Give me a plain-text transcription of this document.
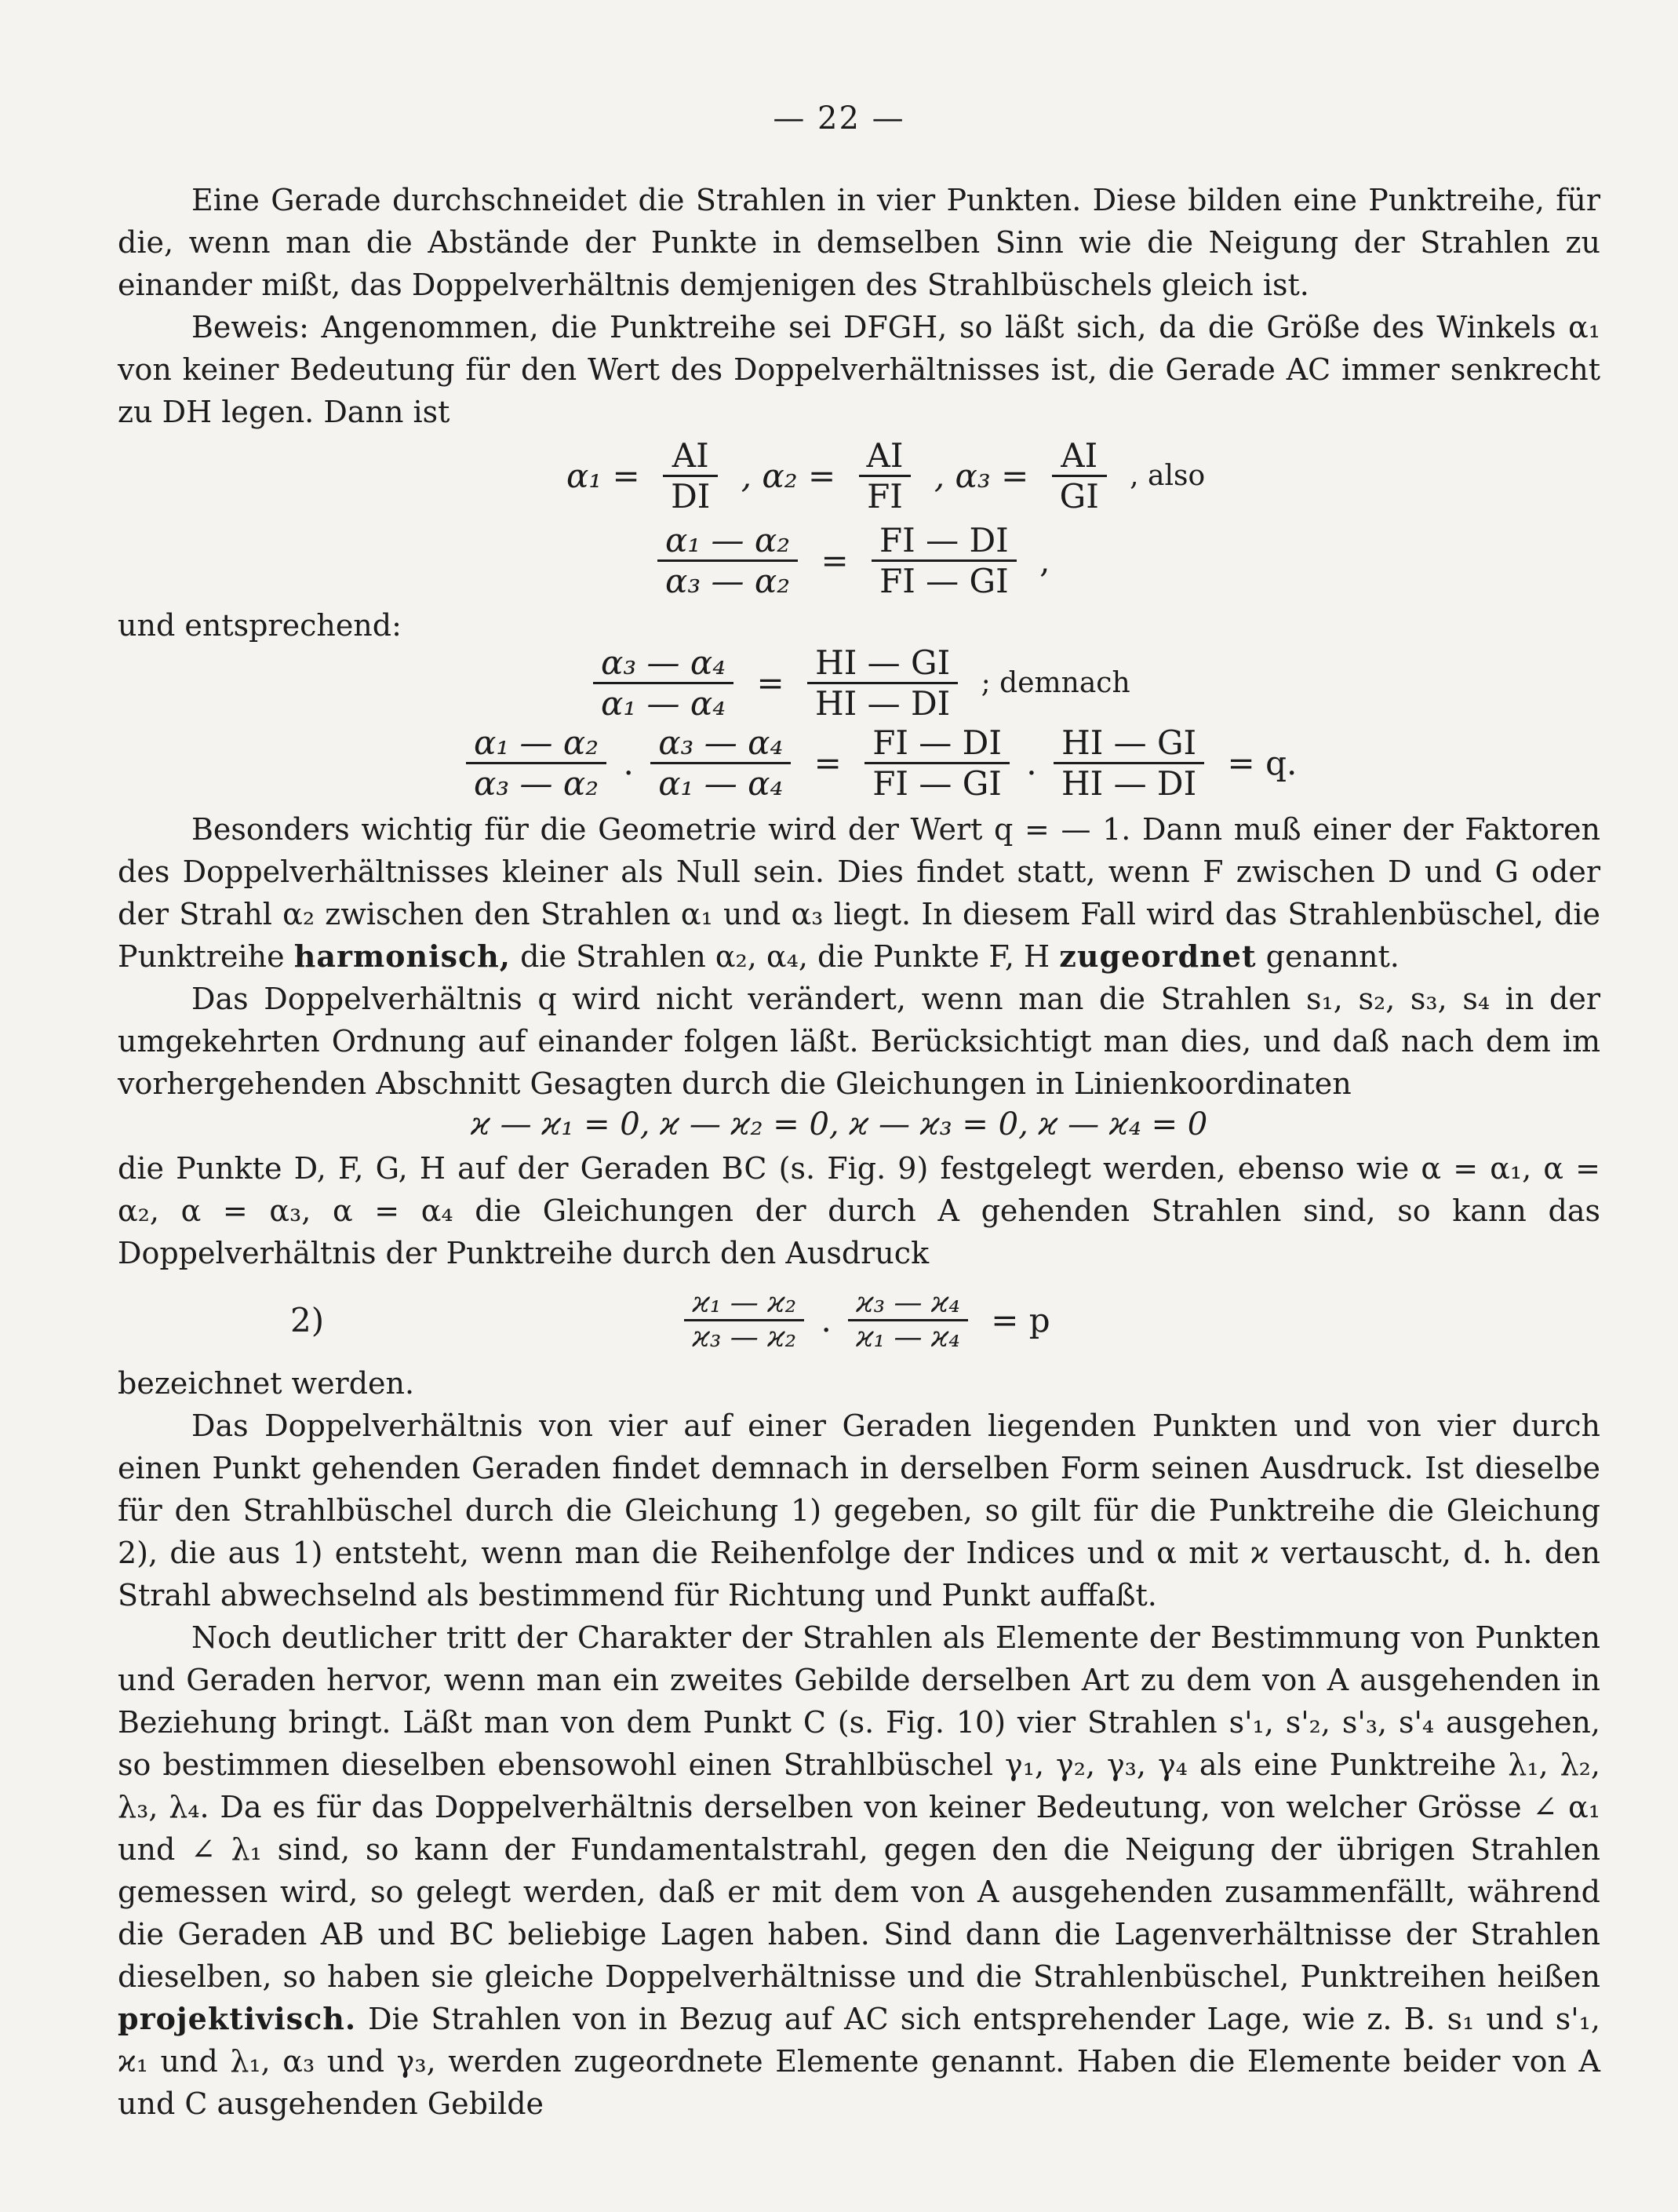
— 22 —

Eine Gerade durchschneidet die Strahlen in vier Punkten. Diese bilden eine Punktreihe, für die, wenn man die Abstände der Punkte in demselben Sinn wie die Neigung der Strahlen zu einander mißt, das Doppelverhältnis demjenigen des Strahlbüschels gleich ist.

Beweis: Angenommen, die Punktreihe sei DFGH, so läßt sich, da die Größe des Winkels α₁ von keiner Bedeutung für den Wert des Doppelverhältnisses ist, die Gerade AC immer senkrecht zu DH legen. Dann ist

$\alpha_1 = \frac{AI}{DI}$ , $\alpha_2 = \frac{AI}{FI}$ , $\alpha_3 = \frac{AI}{GI}$ , also
$\frac{\text{α₁ — α₂}}{\text{α₃ — α₂}} = \frac{FI — DI}{FI — GI}$ ,

und entsprechend:

$\frac{\text{α₃ — α₄}}{\text{α₁ — α₄}} = \frac{HI — GI}{HI — DI}$ ; demnach
$\frac{\text{α₁ — α₂}}{\text{α₃ — α₂}}$ . $\frac{\text{α₃ — α₄}}{\text{α₁ — α₄}} = \frac{FI — DI}{FI — GI}$ . $\frac{HI — GI}{HI — DI} = q$.

Besonders wichtig für die Geometrie wird der Wert q = — 1. Dann muß einer der Faktoren des Doppelverhältnisses kleiner als Null sein. Dies findet statt, wenn F zwischen D und G oder der Strahl α₂ zwischen den Strahlen α₁ und α₃ liegt. In diesem Fall wird das Strahlenbüschel, die Punktreihe harmonisch, die Strahlen α₂, α₄, die Punkte F, H zugeordnet genannt.

Das Doppelverhältnis q wird nicht verändert, wenn man die Strahlen s₁, s₂, s₃, s₄ in der umgekehrten Ordnung auf einander folgen läßt. Berücksichtigt man dies, und daß nach dem im vorhergehenden Abschnitt Gesagten durch die Gleichungen in Linienkoordinaten

ϰ — ϰ₁ = 0, ϰ — ϰ₂ = 0, ϰ — ϰ₃ = 0, ϰ — ϰ₄ = 0

die Punkte D, F, G, H auf der Geraden BC (s. Fig. 9) festgelegt werden, ebenso wie α = α₁, α = α₂, α = α₃, α = α₄ die Gleichungen der durch A gehenden Strahlen sind, so kann das Doppelverhältnis der Punktreihe durch den Ausdruck

2)	$\frac{\text{ϰ₁ — ϰ₂}}{\text{ϰ₃ — ϰ₂}}$ . $\frac{\text{ϰ₃ — ϰ₄}}{\text{ϰ₁ — ϰ₄}} = p$

bezeichnet werden.

Das Doppelverhältnis von vier auf einer Geraden liegenden Punkten und von vier durch einen Punkt gehenden Geraden findet demnach in derselben Form seinen Ausdruck. Ist dieselbe für den Strahlbüschel durch die Gleichung 1) gegeben, so gilt für die Punktreihe die Gleichung 2), die aus 1) entsteht, wenn man die Reihenfolge der Indices und α mit ϰ vertauscht, d. h. den Strahl abwechselnd als bestimmend für Richtung und Punkt auffaßt.

Noch deutlicher tritt der Charakter der Strahlen als Elemente der Bestimmung von Punkten und Geraden hervor, wenn man ein zweites Gebilde derselben Art zu dem von A ausgehenden in Beziehung bringt. Läßt man von dem Punkt C (s. Fig. 10) vier Strahlen s'₁, s'₂, s'₃, s'₄ ausgehen, so bestimmen dieselben ebensowohl einen Strahlbüschel γ₁, γ₂, γ₃, γ₄ als eine Punktreihe λ₁, λ₂, λ₃, λ₄. Da es für das Doppelverhältnis derselben von keiner Bedeutung, von welcher Grösse ∠ α₁ und ∠ λ₁ sind, so kann der Fundamentalstrahl, gegen den die Neigung der übrigen Strahlen gemessen wird, so gelegt werden, daß er mit dem von A ausgehenden zusammenfällt, während die Geraden AB und BC beliebige Lagen haben. Sind dann die Lagenverhältnisse der Strahlen dieselben, so haben sie gleiche Doppelverhältnisse und die Strahlenbüschel, Punktreihen heißen projektivisch. Die Strahlen von in Bezug auf AC sich entsprehender Lage, wie z. B. s₁ und s'₁, ϰ₁ und λ₁, α₃ und γ₃, werden zugeordnete Elemente genannt. Haben die Elemente beider von A und C ausgehenden Gebilde
